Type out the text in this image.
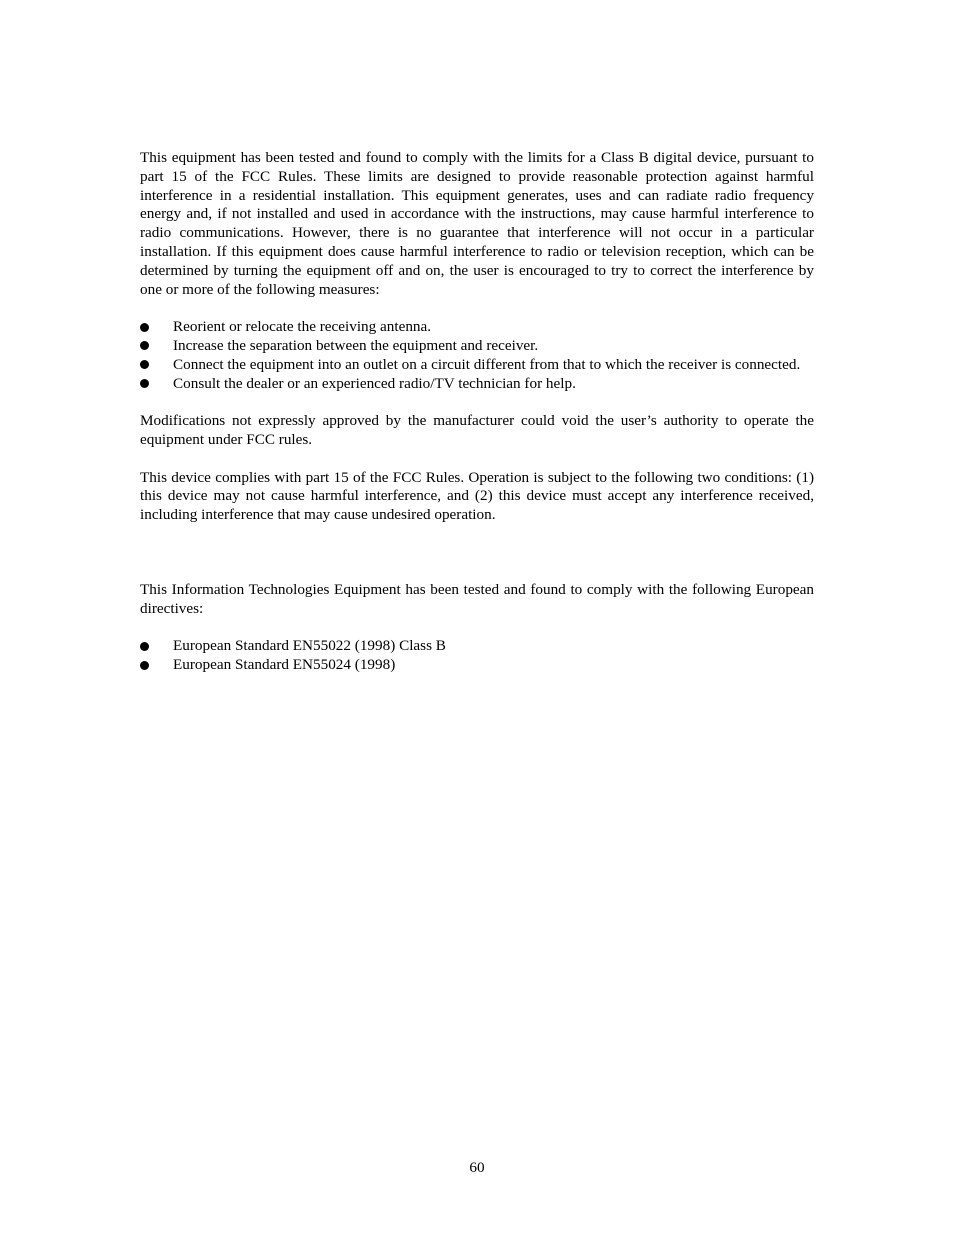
This equipment has been tested and found to comply with the limits for a Class B digital device, pursuant to part 15 of the FCC Rules. These limits are designed to provide reasonable protection against harmful interference in a residential installation. This equipment generates, uses and can radiate radio frequency energy and, if not installed and used in accordance with the instructions, may cause harmful interference to radio communications. However, there is no guarantee that interference will not occur in a particular installation. If this equipment does cause harmful interference to radio or television reception, which can be determined by turning the equipment off and on, the user is encouraged to try to correct the interference by one or more of the following measures:

Reorient or relocate the receiving antenna.
Increase the separation between the equipment and receiver.
Connect the equipment into an outlet on a circuit different from that to which the receiver is connected.
Consult the dealer or an experienced radio/TV technician for help.

Modifications not expressly approved by the manufacturer could void the user’s authority to operate the equipment under FCC rules.

This device complies with part 15 of the FCC Rules. Operation is subject to the following two conditions: (1) this device may not cause harmful interference, and (2) this device must accept any interference received, including interference that may cause undesired operation.

This Information Technologies Equipment has been tested and found to comply with the following European directives:

European Standard EN55022 (1998) Class B
European Standard EN55024 (1998)
60
